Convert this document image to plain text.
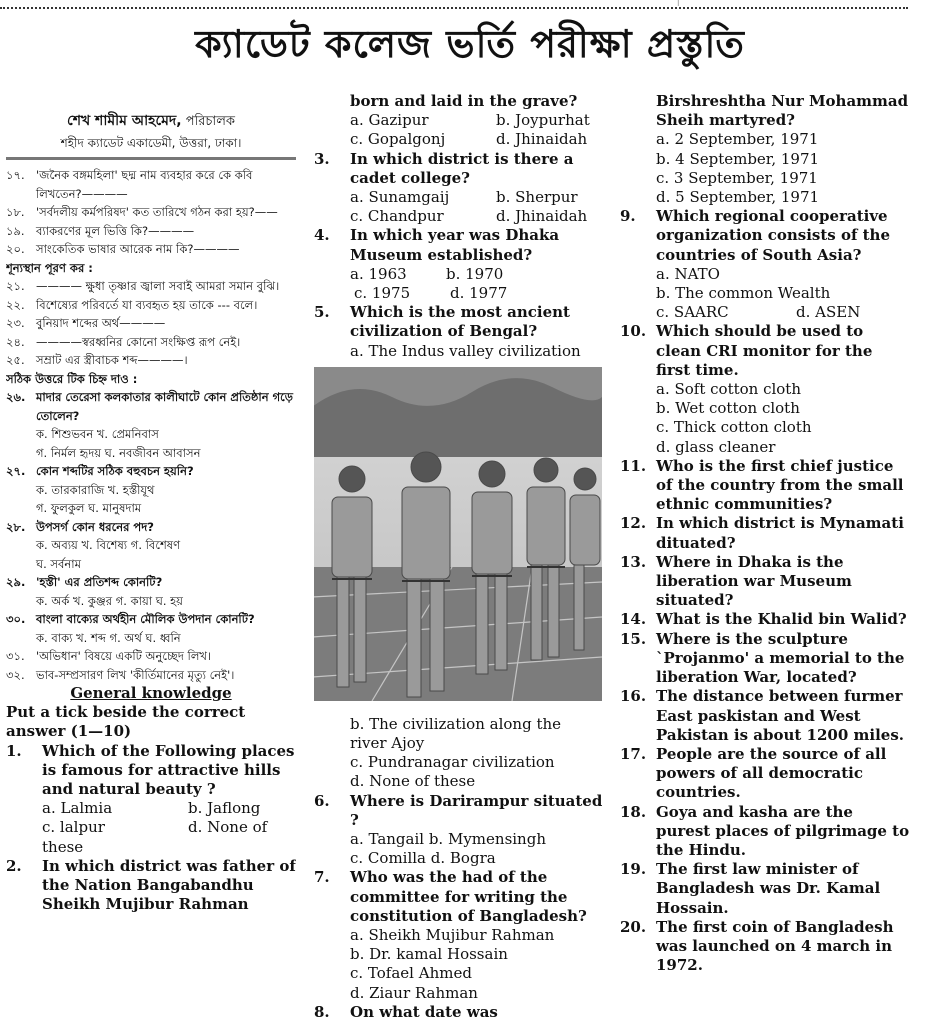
⁝
ক্যাডেট কলেজ ভর্তি পরীক্ষা প্রস্তুতি
শেখ শামীম আহমেদ, পরিচালক
শহীদ ক্যাডেট একাডেমী, উত্তরা, ঢাকা।
১৭. 'জনৈক বঙ্গমহিলা' ছদ্ম নাম ব্যবহার করে কে কবি লিখতেন?————
১৮. 'সর্বদলীয় কর্মপরিষদ' কত তারিখে গঠন করা হয়?——
১৯. ব্যাকরণের মূল ভিত্তি কি?————
২০. সাংকেতিক ভাষার আরেক নাম কি?————
শূন্যস্থান পূরণ কর :
২১. ———— ক্ষুধা তৃষ্ণার জ্বালা সবাই আমরা সমান বুঝি।
২২. বিশেষ্যের পরিবর্তে যা ব্যবহৃত হয় তাকে --- বলে।
২৩. বুনিয়াদ শব্দের অর্থ————
২৪. ————স্বরধ্বনির কোনো সংক্ষিপ্ত রূপ নেই।
২৫. সম্রাট এর স্ত্রীবাচক শব্দ————।
সঠিক উত্তরে টিক চিহ্ন দাও :
২৬. মাদার তেরেসা কলকাতার কালীঘাটে কোন প্রতিষ্ঠান গড়ে তোলেন?
ক. শিশুভবন খ. প্রেমনিবাস
গ. নির্মল হৃদয় ঘ. নবজীবন আবাসন
২৭. কোন শব্দটির সঠিক বহুবচন হয়নি?
ক. তারকারাজি খ. হস্তীযূথ
গ. ফুলকুল ঘ. মানুষদাম
২৮. উপসর্গ কোন ধরনের পদ?
ক. অব্যয় খ. বিশেষ্য গ. বিশেষণ
ঘ. সর্বনাম
২৯. 'হস্তী' এর প্রতিশব্দ কোনটি?
ক. অর্ক খ. কুঞ্জর গ. কায়া ঘ. হয়
৩০. বাংলা বাক্যের অর্থহীন মৌলিক উপদান কোনটি?
ক. বাক্য খ. শব্দ গ. অর্থ ঘ. ধ্বনি
৩১. 'অভিধান' বিষয়ে একটি অনুচ্ছেদ লিখ।
৩২. ভাব-সম্প্রসারণ লিখ 'কীর্তিমানের মৃত্যু নেই'।
General knowledge
Put a tick beside the correct
answer (1—10)
1.	Which of the Following places is famous for attractive hills and natural beauty ?
a. Lalmia	b. Jaflong
c. lalpur	d. None of
these
2.	In which district was father of the Nation Bangabandhu Sheikh Mujibur Rahman
born and laid in the grave?
a. Gazipur	b. Joypurhat
c. Gopalgonj	d. Jhinaidah
3.	In which district is there a cadet college?
a. Sunamgaij	b. Sherpur
c. Chandpur	d. Jhinaidah
4.	In which year was Dhaka Museum established?
a. 1963	b. 1970
c. 1975	d. 1977
5.	Which is the most ancient civilization of Bengal?
a. The Indus valley civilization
b. The civilization along the
river Ajoy
c. Pundranagar civilization
d. None of these
6.	Where is Darirampur situated ?
a. Tangail b. Mymensingh
c. Comilla d. Bogra
7.	Who was the had of the committee for writing the constitution of Bangladesh?
a. Sheikh Mujibur Rahman
b. Dr. kamal Hossain
c. Tofael Ahmed
d. Ziaur Rahman
8.	On what date was
Birshreshtha Nur Mohammad Sheih martyred?
a. 2 September, 1971
b. 4 September, 1971
c. 3 September, 1971
d. 5 September, 1971
9.	Which regional cooperative organization consists of the countries of South Asia?
a. NATO
b. The common Wealth
c. SAARC	d. ASEN
10. Which should be used to clean CRI monitor for the first time.
a. Soft cotton cloth
b. Wet cotton cloth
c. Thick cotton cloth
d. glass cleaner
11. Who is the first chief justice of the country from the small ethnic communities?
12. In which district is Mynamati dituated?
13. Where in Dhaka is the liberation war Museum situated?
14. What is the Khalid bin Walid?
15. Where is the sculpture `Projanmo' a memorial to the liberation War, located?
16. The distance between furmer East paskistan and West Pakistan is about 1200 miles.
17. People are the source of all powers of all democratic countries.
18. Goya and kasha are the purest places of pilgrimage to the Hindu.
19. The first law minister of Bangladesh was Dr. Kamal Hossain.
20. The first coin of Bangladesh was launched on 4 march in 1972.
